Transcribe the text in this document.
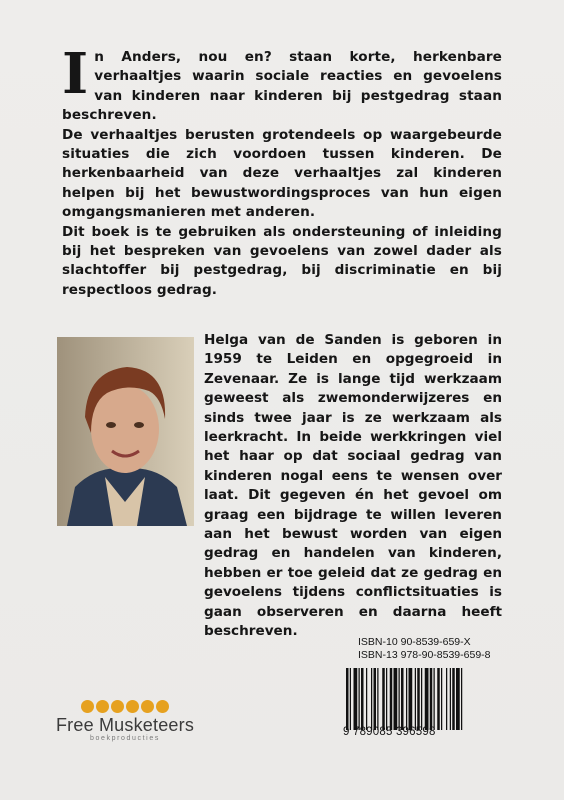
I n Anders, nou en? staan korte, herkenbare verhaaltjes waarin sociale reacties en gevoelens van kinderen naar kinderen bij pestgedrag staan beschreven.

De verhaaltjes berusten grotendeels op waargebeurde situaties die zich voordoen tussen kinderen. De herkenbaarheid van deze verhaaltjes zal kinderen helpen bij het bewustwordingsproces van hun eigen omgangsmanieren met anderen.

Dit boek is te gebruiken als ondersteuning of inleiding bij het bespreken van gevoelens van zowel dader als slachtoffer bij pestgedrag, bij discriminatie en bij respectloos gedrag.

Helga van de Sanden is geboren in 1959 te Leiden en opgegroeid in Zevenaar. Ze is lange tijd werkzaam geweest als zwemonderwijzeres en sinds twee jaar is ze werkzaam als leerkracht. In beide werkkringen viel het haar op dat sociaal gedrag van kinderen nogal eens te wensen over laat. Dit gegeven én het gevoel om graag een bijdrage te willen leveren aan het bewust worden van eigen gedrag en handelen van kinderen, hebben er toe geleid dat ze gedrag en gevoelens tijdens conflictsituaties is gaan observeren en daarna heeft beschreven.

Free Musketeers
boekproducties
ISBN-10 90-8539-659-X
ISBN-13 978-90-8539-659-8
9 789085 396598
